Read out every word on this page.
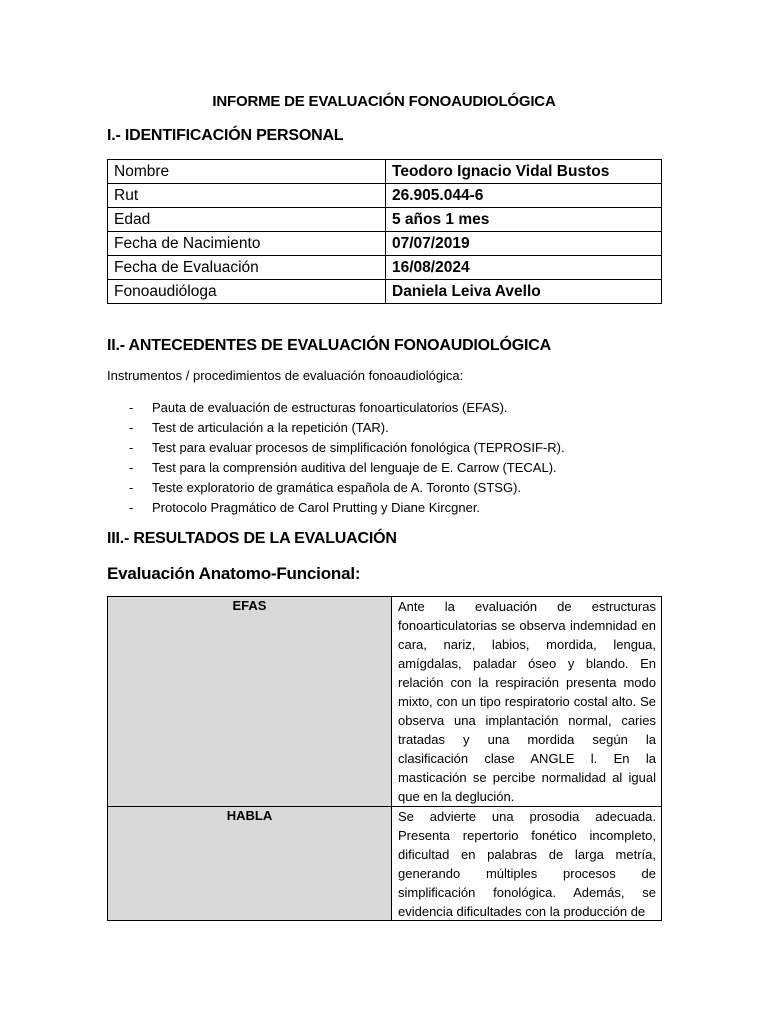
INFORME DE EVALUACIÓN FONOAUDIOLÓGICA
I.- IDENTIFICACIÓN PERSONAL
Nombre	Teodoro Ignacio Vidal Bustos
Rut	26.905.044-6
Edad	5 años 1 mes
Fecha de Nacimiento	07/07/2019
Fecha de Evaluación	16/08/2024
Fonoaudióloga	Daniela Leiva Avello
II.- ANTECEDENTES DE EVALUACIÓN FONOAUDIOLÓGICA
Instrumentos / procedimientos de evaluación fonoaudiológica:
- Pauta de evaluación de estructuras fonoarticulatorios (EFAS).
- Test de articulación a la repetición (TAR).
- Test para evaluar procesos de simplificación fonológica (TEPROSIF-R).
- Test para la comprensión auditiva del lenguaje de E. Carrow (TECAL).
- Teste exploratorio de gramática española de A. Toronto (STSG).
- Protocolo Pragmático de Carol Prutting y Diane Kircgner.
III.- RESULTADOS DE LA EVALUACIÓN
Evaluación Anatomo-Funcional:
EFAS	Ante la evaluación de estructuras fonoarticulatorias se observa indemnidad en cara, nariz, labios, mordida, lengua, amígdalas, paladar óseo y blando. En relación con la respiración presenta modo mixto, con un tipo respiratorio costal alto. Se observa una implantación normal, caries tratadas y una mordida según la clasificación clase ANGLE l. En la masticación se percibe normalidad al igual que en la deglución.
HABLA	Se advierte una prosodia adecuada. Presenta repertorio fonético incompleto, dificultad en palabras de larga metría, generando múltiples procesos de simplificación fonológica. Además, se evidencia dificultades con la producción de
